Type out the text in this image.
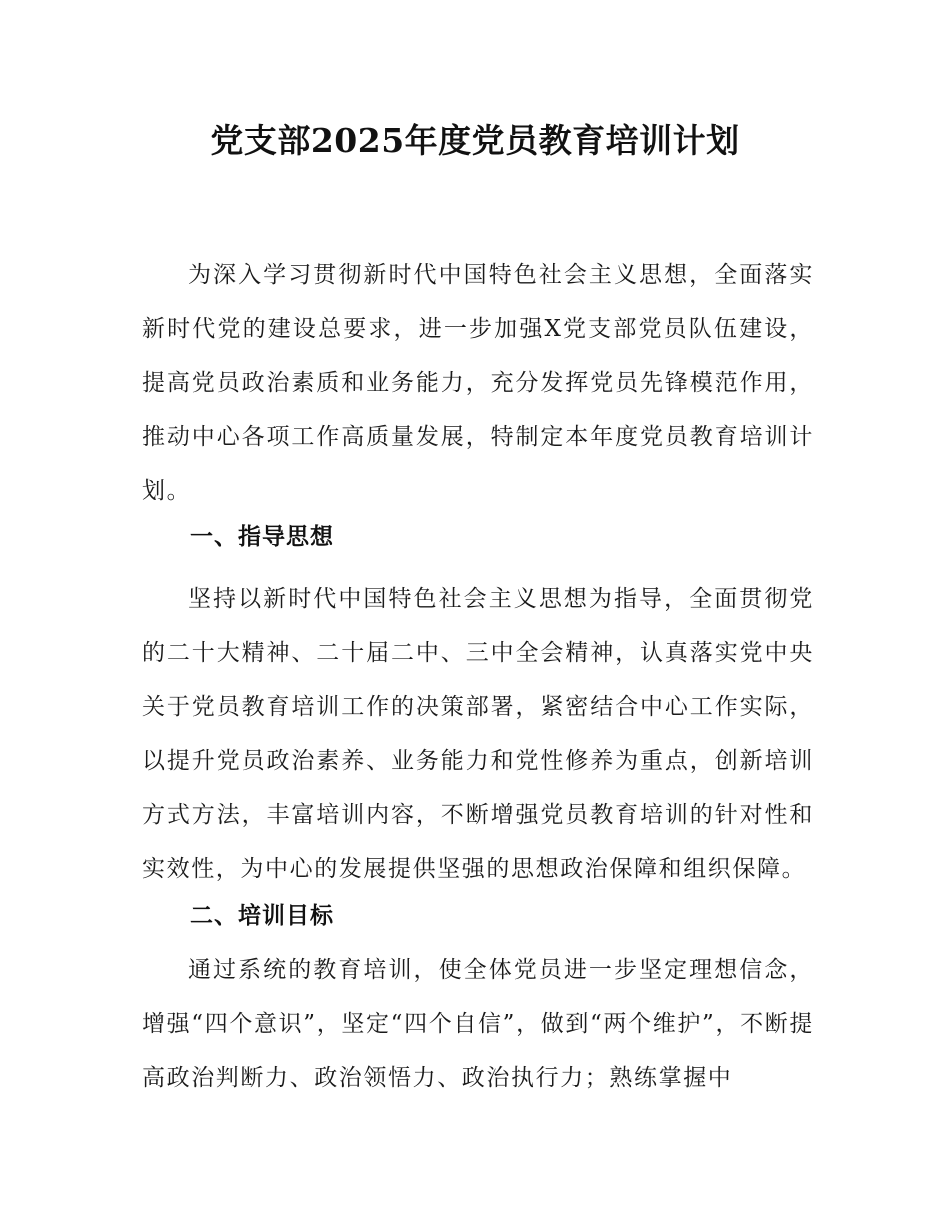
党支部2025年度党员教育培训计划

为深入学习贯彻新时代中国特色社会主义思想，全面落实新时代党的建设总要求，进一步加强X党支部党员队伍建设，提高党员政治素质和业务能力，充分发挥党员先锋模范作用，推动中心各项工作高质量发展，特制定本年度党员教育培训计划。

一、指导思想

坚持以新时代中国特色社会主义思想为指导，全面贯彻党的二十大精神、二十届二中、三中全会精神，认真落实党中央关于党员教育培训工作的决策部署，紧密结合中心工作实际，以提升党员政治素养、业务能力和党性修养为重点，创新培训方式方法，丰富培训内容，不断增强党员教育培训的针对性和实效性，为中心的发展提供坚强的思想政治保障和组织保障。

二、培训目标

通过系统的教育培训，使全体党员进一步坚定理想信念，增强“四个意识”，坚定“四个自信”，做到“两个维护”，不断提高政治判断力、政治领悟力、政治执行力；熟练掌握中
